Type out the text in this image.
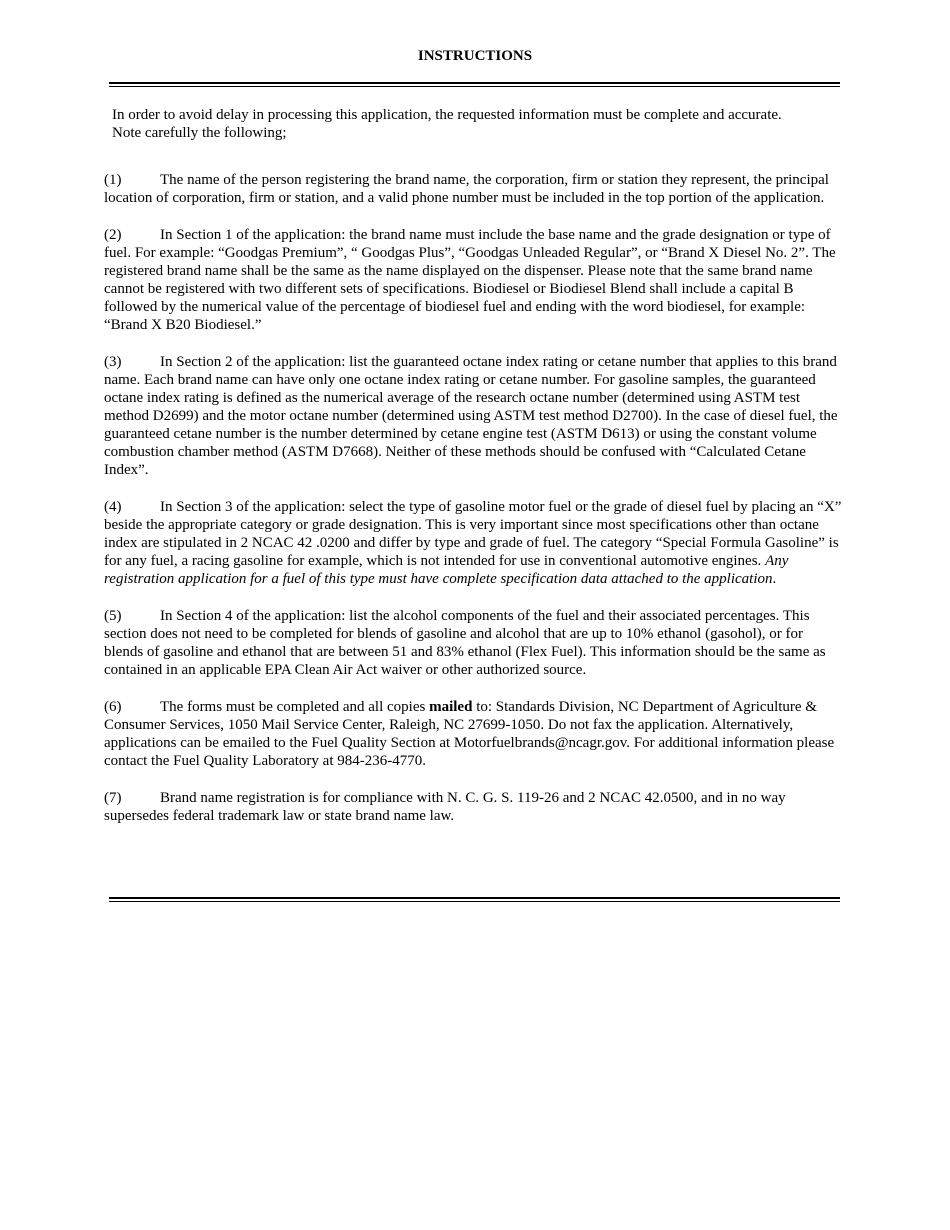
INSTRUCTIONS

In order to avoid delay in processing this application, the requested information must be complete and accurate.

Note carefully the following;

(1)	The name of the person registering the brand name, the corporation, firm or station they represent, the principal location of corporation, firm or station, and a valid phone number must be included in the top portion of the application.

(2)	In Section 1 of the application: the brand name must include the base name and the grade designation or type of fuel. For example: “Goodgas Premium”, “ Goodgas Plus”, “Goodgas Unleaded Regular”, or “Brand X Diesel No. 2”. The registered brand name shall be the same as the name displayed on the dispenser. Please note that the same brand name cannot be registered with two different sets of specifications. Biodiesel or Biodiesel Blend shall include a capital B followed by the numerical value of the percentage of biodiesel fuel and ending with the word biodiesel, for example: “Brand X B20 Biodiesel.”

(3)	In Section 2 of the application: list the guaranteed octane index rating or cetane number that applies to this brand name. Each brand name can have only one octane index rating or cetane number. For gasoline samples, the guaranteed octane index rating is defined as the numerical average of the research octane number (determined using ASTM test method D2699) and the motor octane number (determined using ASTM test method D2700). In the case of diesel fuel, the guaranteed cetane number is the number determined by cetane engine test (ASTM D613) or using the constant volume combustion chamber method (ASTM D7668). Neither of these methods should be confused with “Calculated Cetane Index”.

(4)	In Section 3 of the application: select the type of gasoline motor fuel or the grade of diesel fuel by placing an “X” beside the appropriate category or grade designation. This is very important since most specifications other than octane index are stipulated in 2 NCAC 42 .0200 and differ by type and grade of fuel. The category “Special Formula Gasoline” is for any fuel, a racing gasoline for example, which is not intended for use in conventional automotive engines. Any registration application for a fuel of this type must have complete specification data attached to the application.

(5)	In Section 4 of the application: list the alcohol components of the fuel and their associated percentages. This section does not need to be completed for blends of gasoline and alcohol that are up to 10% ethanol (gasohol), or for blends of gasoline and ethanol that are between 51 and 83% ethanol (Flex Fuel). This information should be the same as contained in an applicable EPA Clean Air Act waiver or other authorized source.

(6)	The forms must be completed and all copies mailed to: Standards Division, NC Department of Agriculture & Consumer Services, 1050 Mail Service Center, Raleigh, NC 27699-1050. Do not fax the application. Alternatively, applications can be emailed to the Fuel Quality Section at Motorfuelbrands@ncagr.gov. For additional information please contact the Fuel Quality Laboratory at 984-236-4770.

(7)	Brand name registration is for compliance with N. C. G. S. 119-26 and 2 NCAC 42.0500, and in no way supersedes federal trademark law or state brand name law.
